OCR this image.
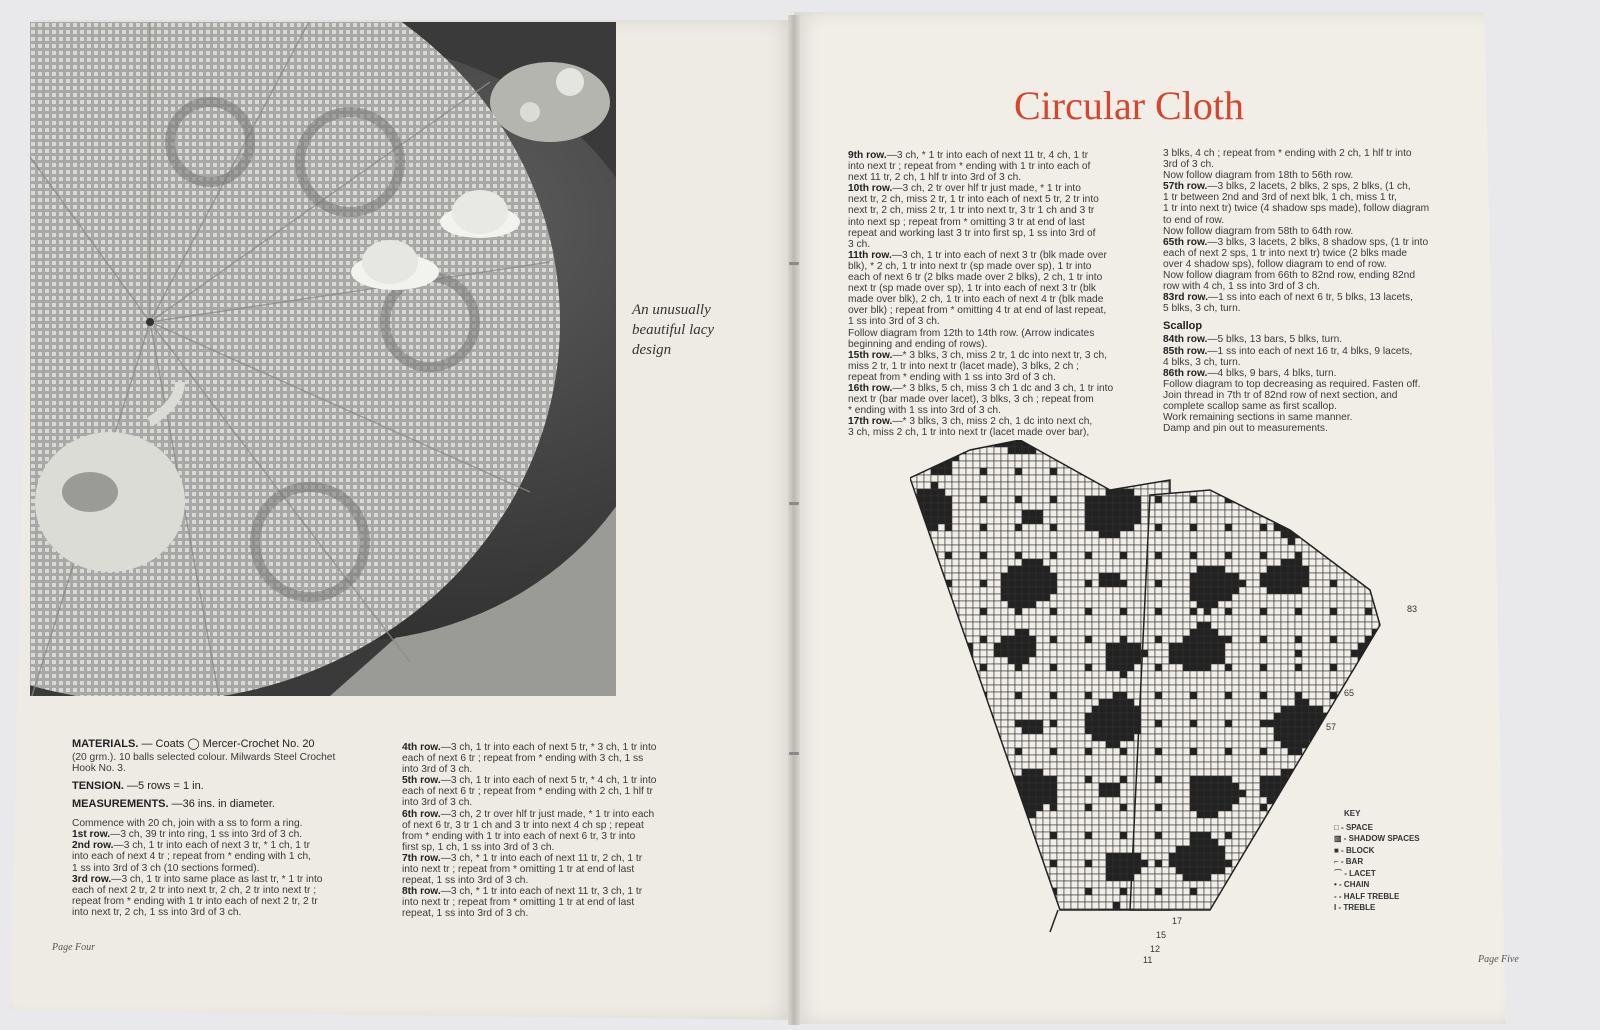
An unusually
beautiful lacy
design
Circular Cloth
MATERIALS. — Coats ◯ Mercer-Crochet No. 20
(20 grm.). 10 balls selected colour. Milwards Steel Crochet
Hook No. 3.
TENSION. —5 rows = 1 in.
MEASUREMENTS. —36 ins. in diameter.
Commence with 20 ch, join with a ss to form a ring.
1st row.—3 ch, 39 tr into ring, 1 ss into 3rd of 3 ch.
2nd row.—3 ch, 1 tr into each of next 3 tr, * 1 ch, 1 tr
into each of next 4 tr ; repeat from * ending with 1 ch,
1 ss into 3rd of 3 ch (10 sections formed).
3rd row.—3 ch, 1 tr into same place as last tr, * 1 tr into
each of next 2 tr, 2 tr into next tr, 2 ch, 2 tr into next tr ;
repeat from * ending with 1 tr into each of next 2 tr, 2 tr
into next tr, 2 ch, 1 ss into 3rd of 3 ch.
4th row.—3 ch, 1 tr into each of next 5 tr, * 3 ch, 1 tr into
each of next 6 tr ; repeat from * ending with 3 ch, 1 ss
into 3rd of 3 ch.
5th row.—3 ch, 1 tr into each of next 5 tr, * 4 ch, 1 tr into
each of next 6 tr ; repeat from * ending with 2 ch, 1 hlf tr
into 3rd of 3 ch.
6th row.—3 ch, 2 tr over hlf tr just made, * 1 tr into each
of next 6 tr, 3 tr 1 ch and 3 tr into next 4 ch sp ; repeat
from * ending with 1 tr into each of next 6 tr, 3 tr into
first sp, 1 ch, 1 ss into 3rd of 3 ch.
7th row.—3 ch, * 1 tr into each of next 11 tr, 2 ch, 1 tr
into next tr ; repeat from * omitting 1 tr at end of last
repeat, 1 ss into 3rd of 3 ch.
8th row.—3 ch, * 1 tr into each of next 11 tr, 3 ch, 1 tr
into next tr ; repeat from * omitting 1 tr at end of last
repeat, 1 ss into 3rd of 3 ch.
9th row.—3 ch, * 1 tr into each of next 11 tr, 4 ch, 1 tr
into next tr ; repeat from * ending with 1 tr into each of
next 11 tr, 2 ch, 1 hlf tr into 3rd of 3 ch.
10th row.—3 ch, 2 tr over hlf tr just made, * 1 tr into
next tr, 2 ch, miss 2 tr, 1 tr into each of next 5 tr, 2 tr into
next tr, 2 ch, miss 2 tr, 1 tr into next tr, 3 tr 1 ch and 3 tr
into next sp ; repeat from * omitting 3 tr at end of last
repeat and working last 3 tr into first sp, 1 ss into 3rd of
3 ch.
11th row.—3 ch, 1 tr into each of next 3 tr (blk made over
blk), * 2 ch, 1 tr into next tr (sp made over sp), 1 tr into
each of next 6 tr (2 blks made over 2 blks), 2 ch, 1 tr into
next tr (sp made over sp), 1 tr into each of next 3 tr (blk
made over blk), 2 ch, 1 tr into each of next 4 tr (blk made
over blk) ; repeat from * omitting 4 tr at end of last repeat,
1 ss into 3rd of 3 ch.
Follow diagram from 12th to 14th row. (Arrow indicates
beginning and ending of rows).
15th row.—* 3 blks, 3 ch, miss 2 tr, 1 dc into next tr, 3 ch,
miss 2 tr, 1 tr into next tr (lacet made), 3 blks, 2 ch ;
repeat from * ending with 1 ss into 3rd of 3 ch.
16th row.—* 3 blks, 5 ch, miss 3 ch 1 dc and 3 ch, 1 tr into
next tr (bar made over lacet), 3 blks, 3 ch ; repeat from
* ending with 1 ss into 3rd of 3 ch.
17th row.—* 3 blks, 3 ch, miss 2 ch, 1 dc into next ch,
3 ch, miss 2 ch, 1 tr into next tr (lacet made over bar),
3 blks, 4 ch ; repeat from * ending with 2 ch, 1 hlf tr into
3rd of 3 ch.
Now follow diagram from 18th to 56th row.
57th row.—3 blks, 2 lacets, 2 blks, 2 sps, 2 blks, (1 ch,
1 tr between 2nd and 3rd of next blk, 1 ch, miss 1 tr,
1 tr into next tr) twice (4 shadow sps made), follow diagram
to end of row.
Now follow diagram from 58th to 64th row.
65th row.—3 blks, 3 lacets, 2 blks, 8 shadow sps, (1 tr into
each of next 2 sps, 1 tr into next tr) twice (2 blks made
over 4 shadow sps), follow diagram to end of row.
Now follow diagram from 66th to 82nd row, ending 82nd
row with 4 ch, 1 ss into 3rd of 3 ch.
83rd row.—1 ss into each of next 6 tr, 5 blks, 13 lacets,
5 blks, 3 ch, turn.
Scallop
84th row.—5 blks, 13 bars, 5 blks, turn.
85th row.—1 ss into each of next 16 tr, 4 blks, 9 lacets,
4 blks, 3 ch, turn.
86th row.—4 blks, 9 bars, 4 blks, turn.
Follow diagram to top decreasing as required. Fasten off.
Join thread in 7th tr of 82nd row of next section, and
complete scallop same as first scallop.
Work remaining sections in same manner.
Damp and pin out to measurements.
83
65
57
17
15
12
11
KEY
□ - SPACE
▥ - SHADOW SPACES
■ - BLOCK
⌐ - BAR
⌒ - LACET
• - CHAIN
- - HALF TREBLE
I - TREBLE
Page Four
Page Five
